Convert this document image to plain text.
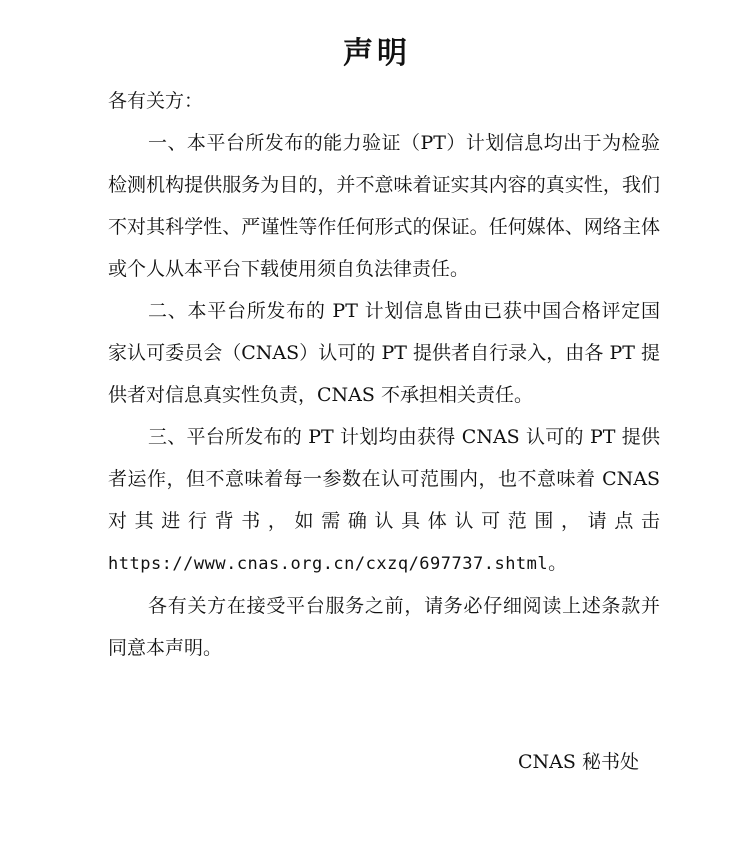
声明

各有关方：

一、本平台所发布的能力验证（PT）计划信息均出于为检验检测机构提供服务为目的，并不意味着证实其内容的真实性，我们不对其科学性、严谨性等作任何形式的保证。任何媒体、网络主体或个人从本平台下载使用须自负法律责任。

二、本平台所发布的 PT 计划信息皆由已获中国合格评定国家认可委员会（CNAS）认可的 PT 提供者自行录入，由各 PT 提供者对信息真实性负责，CNAS 不承担相关责任。

三、平台所发布的 PT 计划均由获得 CNAS 认可的 PT 提供者运作，但不意味着每一参数在认可范围内，也不意味着 CNAS 对其进行背书，如需确认具体认可范围，请点击

https://www.cnas.org.cn/cxzq/697737.shtml。

各有关方在接受平台服务之前，请务必仔细阅读上述条款并同意本声明。

CNAS 秘书处
